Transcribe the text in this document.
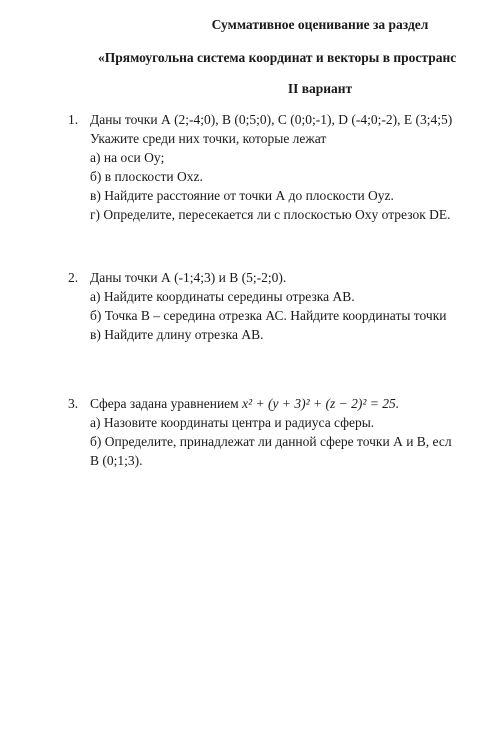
Суммативное оценивание за раздел
«Прямоугольна система координат и векторы в пространс
II вариант
1. Даны точки А (2;-4;0), В (0;5;0), С (0;0;-1), D (-4;0;-2), Е (3;4;5)
Укажите среди них точки, которые лежат
а) на оси Oy;
б) в плоскости Oxz.
в) Найдите расстояние от точки А до плоскости Oyz.
г) Определите, пересекается ли с плоскостью Oxy отрезок DE.
2. Даны точки А (-1;4;3) и В (5;-2;0).
а) Найдите координаты середины отрезка АВ.
б) Точка В – середина отрезка АС. Найдите координаты точки
в) Найдите длину отрезка АВ.
3. Сфера задана уравнением x² + (y + 3)² + (z − 2)² = 25.
а) Назовите координаты центра и радиуса сферы.
б) Определите, принадлежат ли данной сфере точки А и В, есл
В (0;1;3).
